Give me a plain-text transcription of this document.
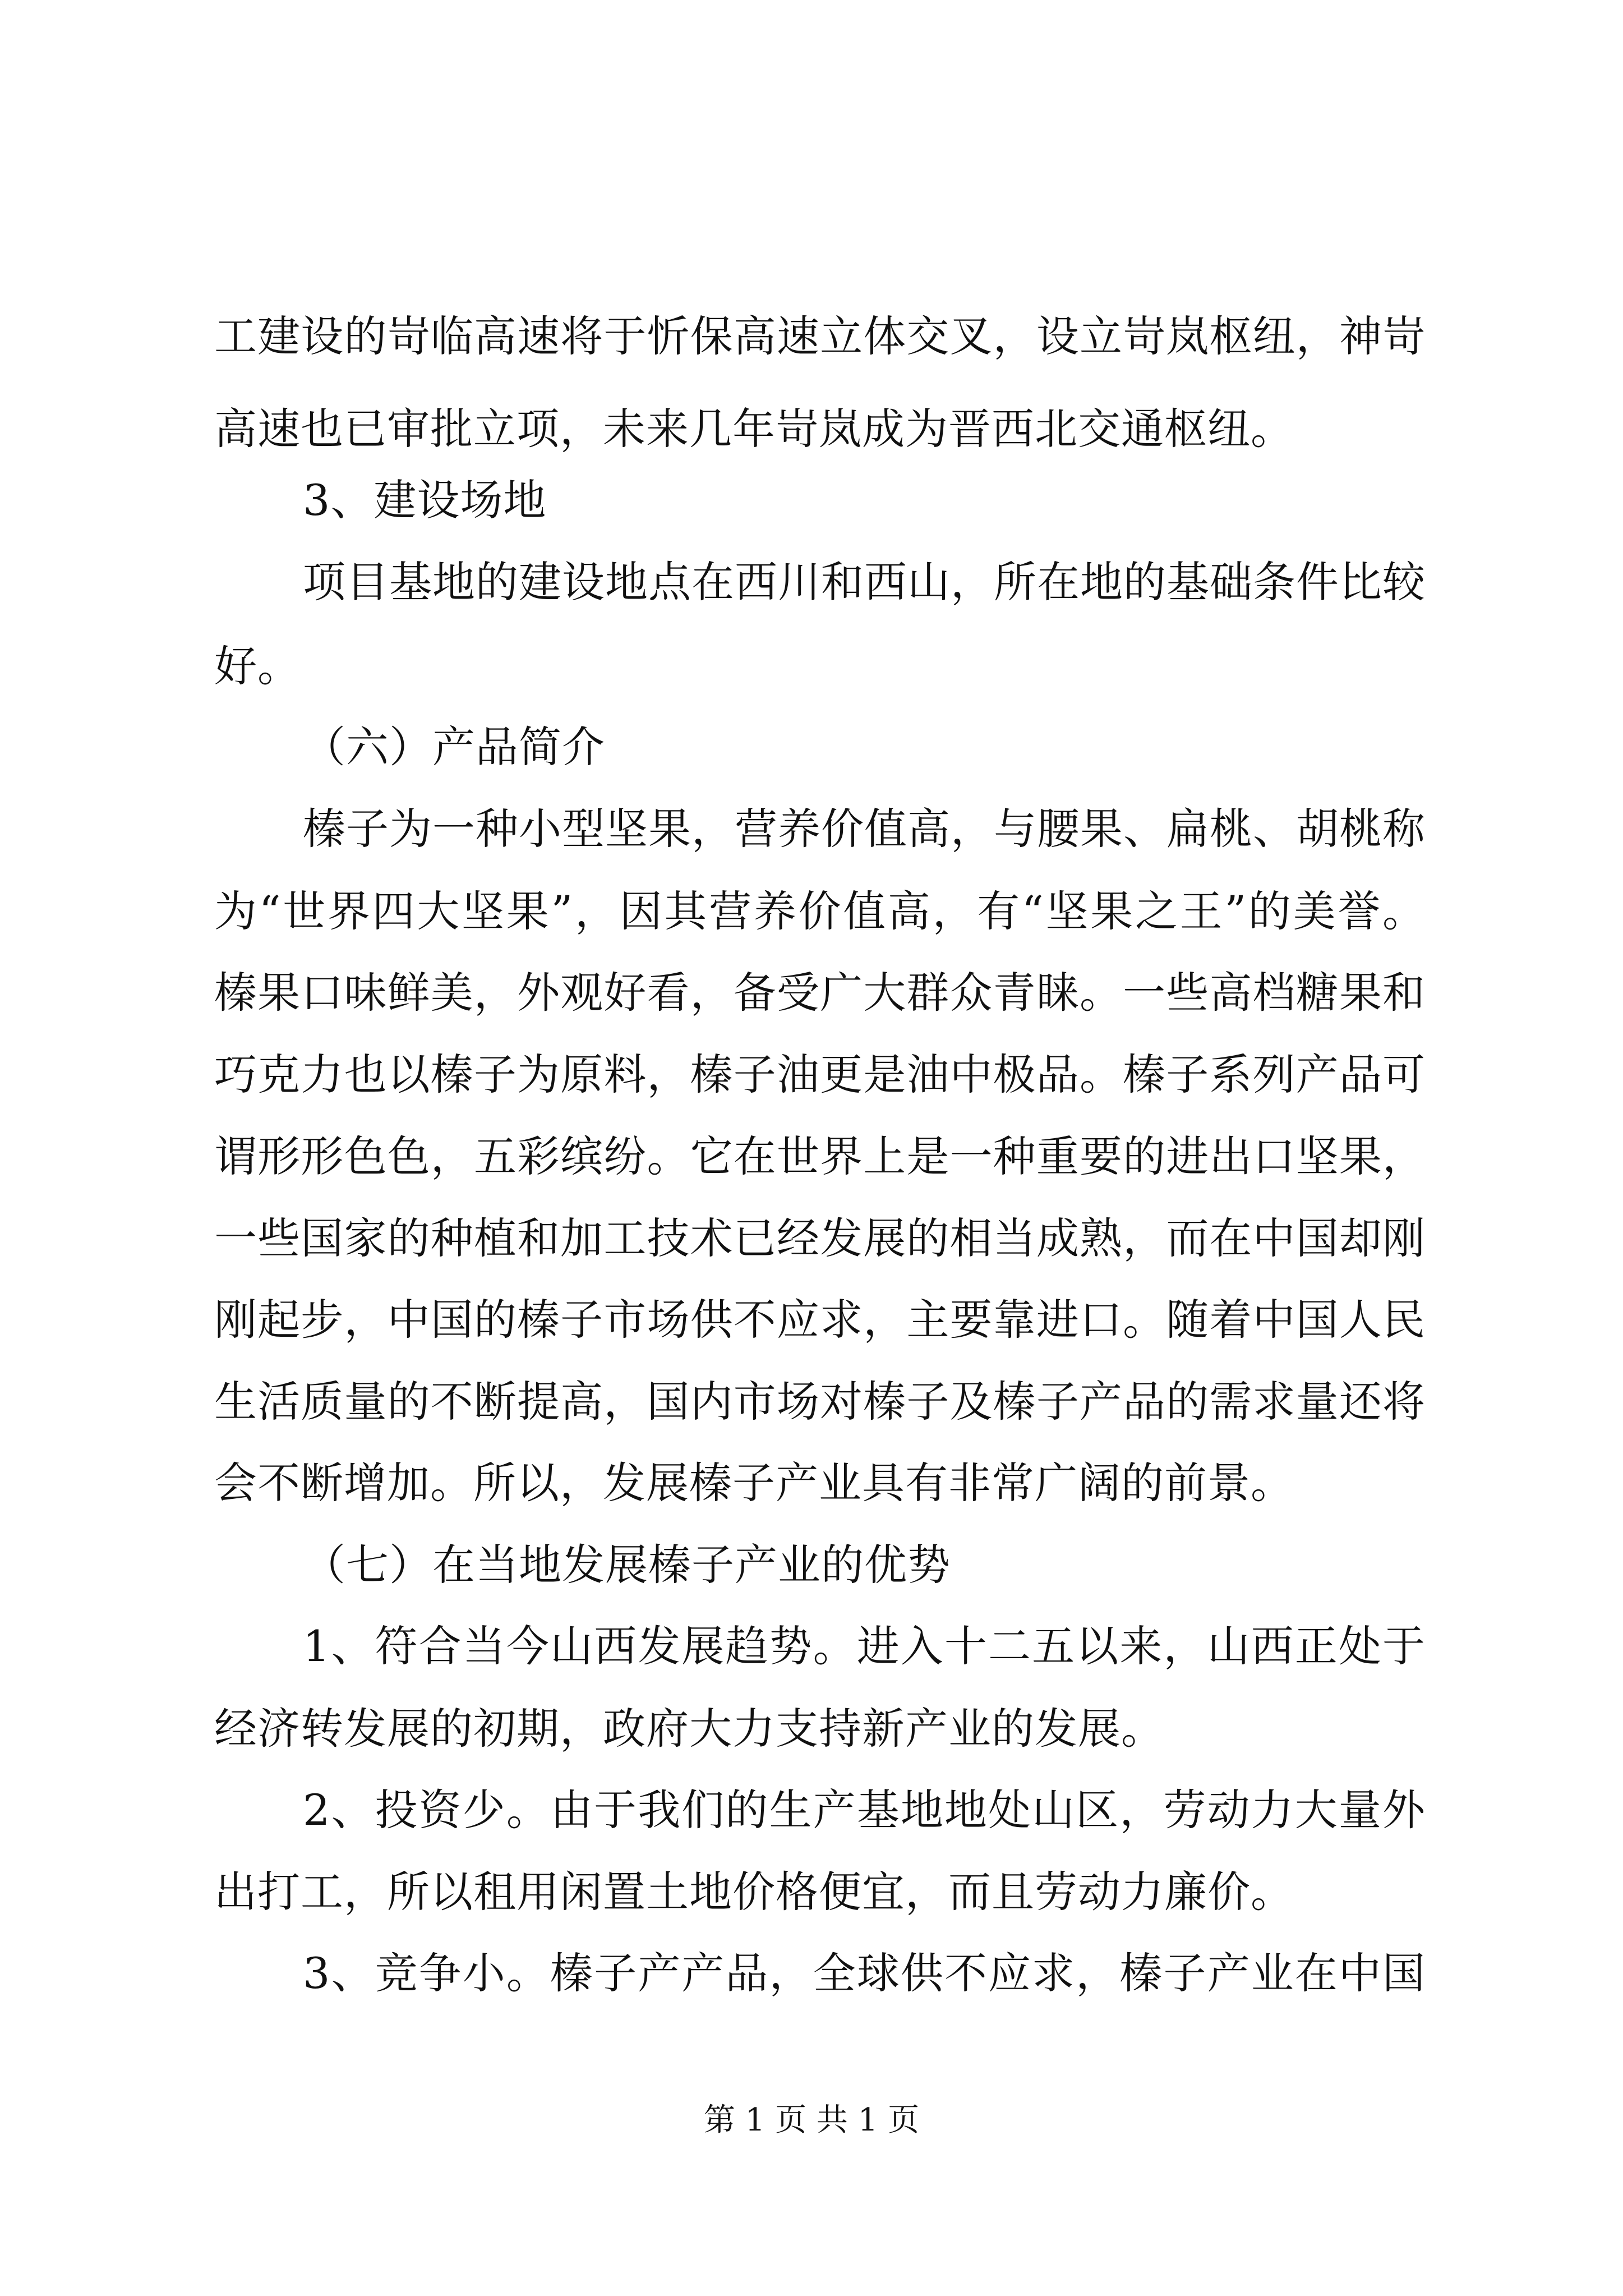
工建设的岢临高速将于忻保高速立体交叉，设立岢岚枢纽，神岢
高速也已审批立项，未来几年岢岚成为晋西北交通枢纽。
3、建设场地
项目基地的建设地点在西川和西山，所在地的基础条件比较
好。
（六）产品简介
榛子为一种小型坚果，营养价值高，与腰果、扁桃、胡桃称
为“世界四大坚果”，因其营养价值高，有“坚果之王”的美誉。
榛果口味鲜美，外观好看，备受广大群众青睐。一些高档糖果和
巧克力也以榛子为原料，榛子油更是油中极品。榛子系列产品可
谓形形色色，五彩缤纷。它在世界上是一种重要的进出口坚果，
一些国家的种植和加工技术已经发展的相当成熟，而在中国却刚
刚起步，中国的榛子市场供不应求，主要靠进口。随着中国人民
生活质量的不断提高，国内市场对榛子及榛子产品的需求量还将
会不断增加。所以，发展榛子产业具有非常广阔的前景。
（七）在当地发展榛子产业的优势
1、符合当今山西发展趋势。进入十二五以来，山西正处于
经济转发展的初期，政府大力支持新产业的发展。
2、投资少。由于我们的生产基地地处山区，劳动力大量外
出打工，所以租用闲置土地价格便宜，而且劳动力廉价。
3、竞争小。榛子产产品，全球供不应求，榛子产业在中国
第 1 页 共 1 页
